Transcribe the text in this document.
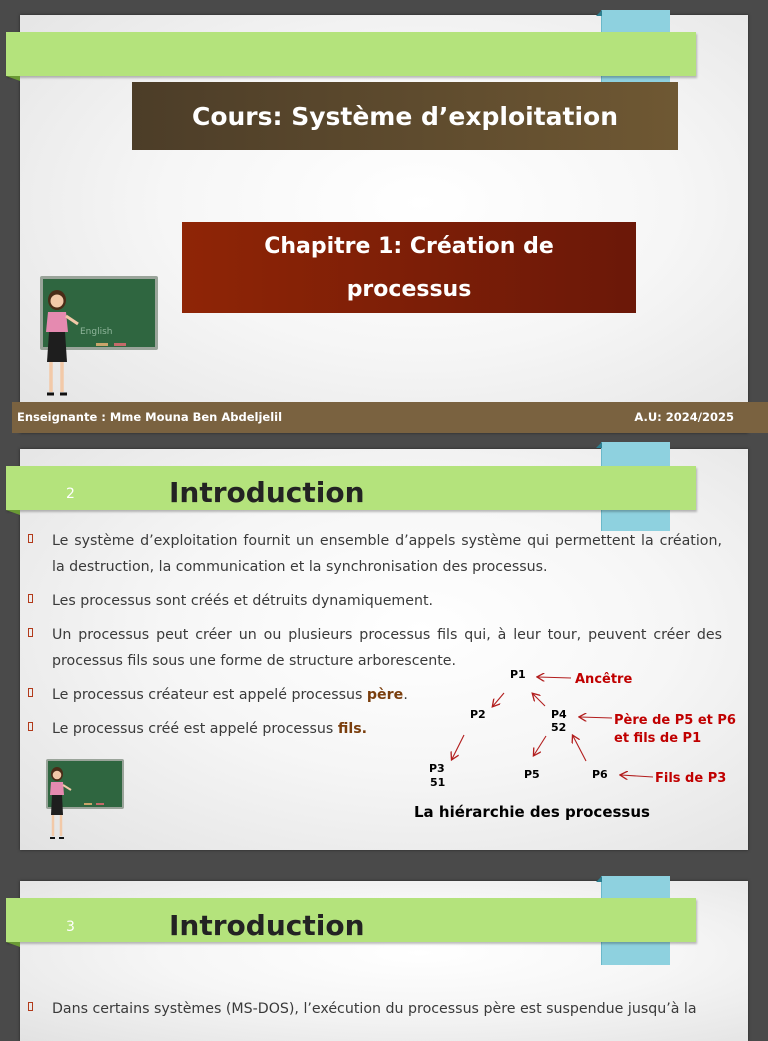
Cours: Système d’exploitation
Chapitre 1: Création de
processus
English
Enseignante : Mme Mouna Ben Abdeljelil	A.U: 2024/2025
2	Introduction
Le système d’exploitation fournit un ensemble d’appels système qui permettent la création, la destruction, la communication et la synchronisation des processus.
Les processus sont créés et détruits dynamiquement.
Un processus peut créer un ou plusieurs processus fils qui, à leur tour, peuvent créer des processus fils sous une forme de structure arborescente.
Le processus créateur est appelé processus père.
Le processus créé est appelé processus fils.
P1
P2	P4
52
P3
51
P5	P6
Ancêtre
Père de P5 et P6
et fils de P1
Fils de P3
La hiérarchie des processus
3	Introduction
Dans certains systèmes (MS-DOS), l’exécution du processus père est suspendue jusqu’à la
